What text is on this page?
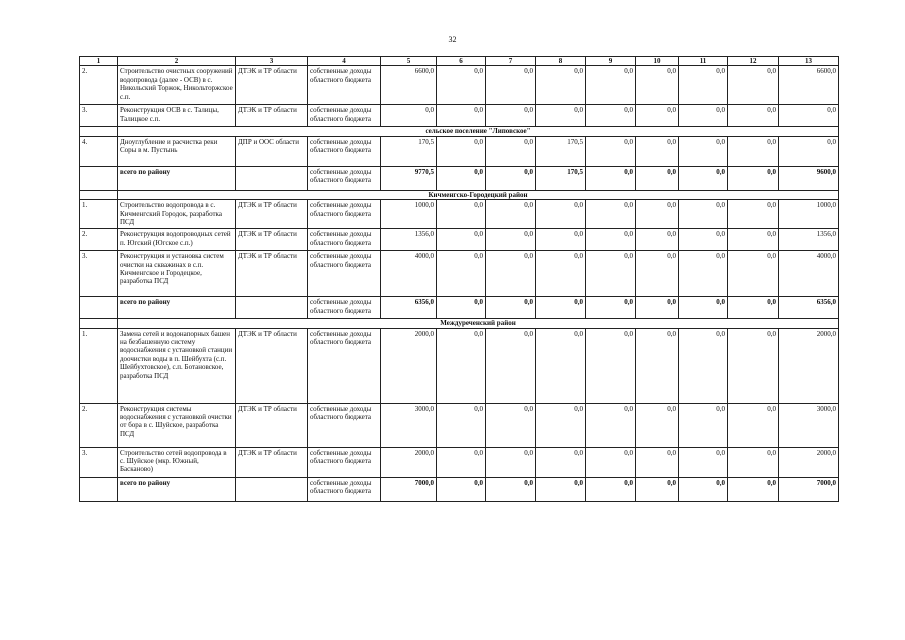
32
1	2	3	4	5	6	7	8	9	10	11	12	13
2.	Строительство очистных сооружений водопровода (далее - ОСВ) в с. Никольский Торжок, Никольторжское с.п.	ДТЭК и ТР области	собственные доходы областного бюджета	6600,0	0,0	0,0	0,0	0,0	0,0	0,0	0,0	6600,0
3.	Реконструкция ОСВ в с. Талицы, Талицкое с.п.	ДТЭК и ТР области	собственные доходы областного бюджета	0,0	0,0	0,0	0,0	0,0	0,0	0,0	0,0	0,0
	сельское поселение "Липовское"											
4.	Дноуглубление и расчистка реки Соры в м. Пустынь	ДПР и ООС области	собственные доходы областного бюджета	170,5	0,0	0,0	170,5	0,0	0,0	0,0	0,0	0,0
	всего по району		собственные доходы областного бюджета	9770,5	0,0	0,0	170,5	0,0	0,0	0,0	0,0	9600,0
	Кичменгско-Городецкий район											
1.	Строительство водопровода в с. Кичменгский Городок, разработка ПСД	ДТЭК и ТР области	собственные доходы областного бюджета	1000,0	0,0	0,0	0,0	0,0	0,0	0,0	0,0	1000,0
2.	Реконструкция водопроводных сетей п. Югский (Югское с.п.)	ДТЭК и ТР области	собственные доходы областного бюджета	1356,0	0,0	0,0	0,0	0,0	0,0	0,0	0,0	1356,0
3.	Реконструкция и установка систем очистки на скважинах в с.п. Кичменгское и Городецкое, разработка ПСД	ДТЭК и ТР области	собственные доходы областного бюджета	4000,0	0,0	0,0	0,0	0,0	0,0	0,0	0,0	4000,0
	всего по району		собственные доходы областного бюджета	6356,0	0,0	0,0	0,0	0,0	0,0	0,0	0,0	6356,0
	Междуреченский район											
1.	Замена сетей и водонапорных башен на безбашенную систему водоснабжения с установкой станции доочистки воды в п. Шейбухта (с.п. Шейбухтовское), с.п. Ботановское, разработка ПСД	ДТЭК и ТР области	собственные доходы областного бюджета	2000,0	0,0	0,0	0,0	0,0	0,0	0,0	0,0	2000,0
2.	Реконструкция системы водоснабжения с установкой очистки от бора в с. Шуйское, разработка ПСД	ДТЭК и ТР области	собственные доходы областного бюджета	3000,0	0,0	0,0	0,0	0,0	0,0	0,0	0,0	3000,0
3.	Строительство сетей водопровода в с. Шуйское (мкр. Южный, Басканово)	ДТЭК и ТР области	собственные доходы областного бюджета	2000,0	0,0	0,0	0,0	0,0	0,0	0,0	0,0	2000,0
	всего по району		собственные доходы областного бюджета	7000,0	0,0	0,0	0,0	0,0	0,0	0,0	0,0	7000,0
